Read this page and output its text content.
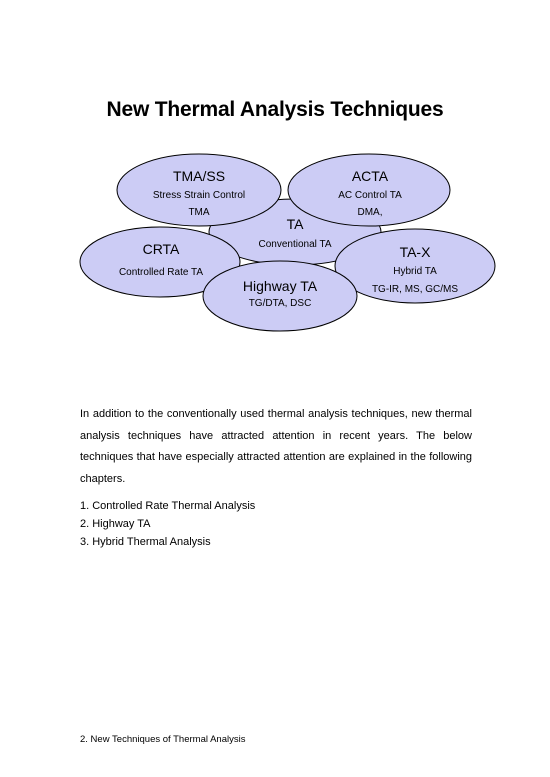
New Thermal Analysis Techniques
TA
Conventional TA
TMA/SS
Stress Strain Control
TMA
ACTA
AC Control TA
DMA,
CRTA
Controlled Rate TA
TA-X
Hybrid TA
TG-IR, MS, GC/MS
Highway TA
TG/DTA, DSC
In addition to the conventionally used thermal analysis techniques, new thermal analysis techniques have attracted attention in recent years. The below techniques that have especially attracted attention are explained in the following chapters.
1. Controlled Rate Thermal Analysis
2. Highway TA
3. Hybrid Thermal Analysis
2. New Techniques of Thermal Analysis
